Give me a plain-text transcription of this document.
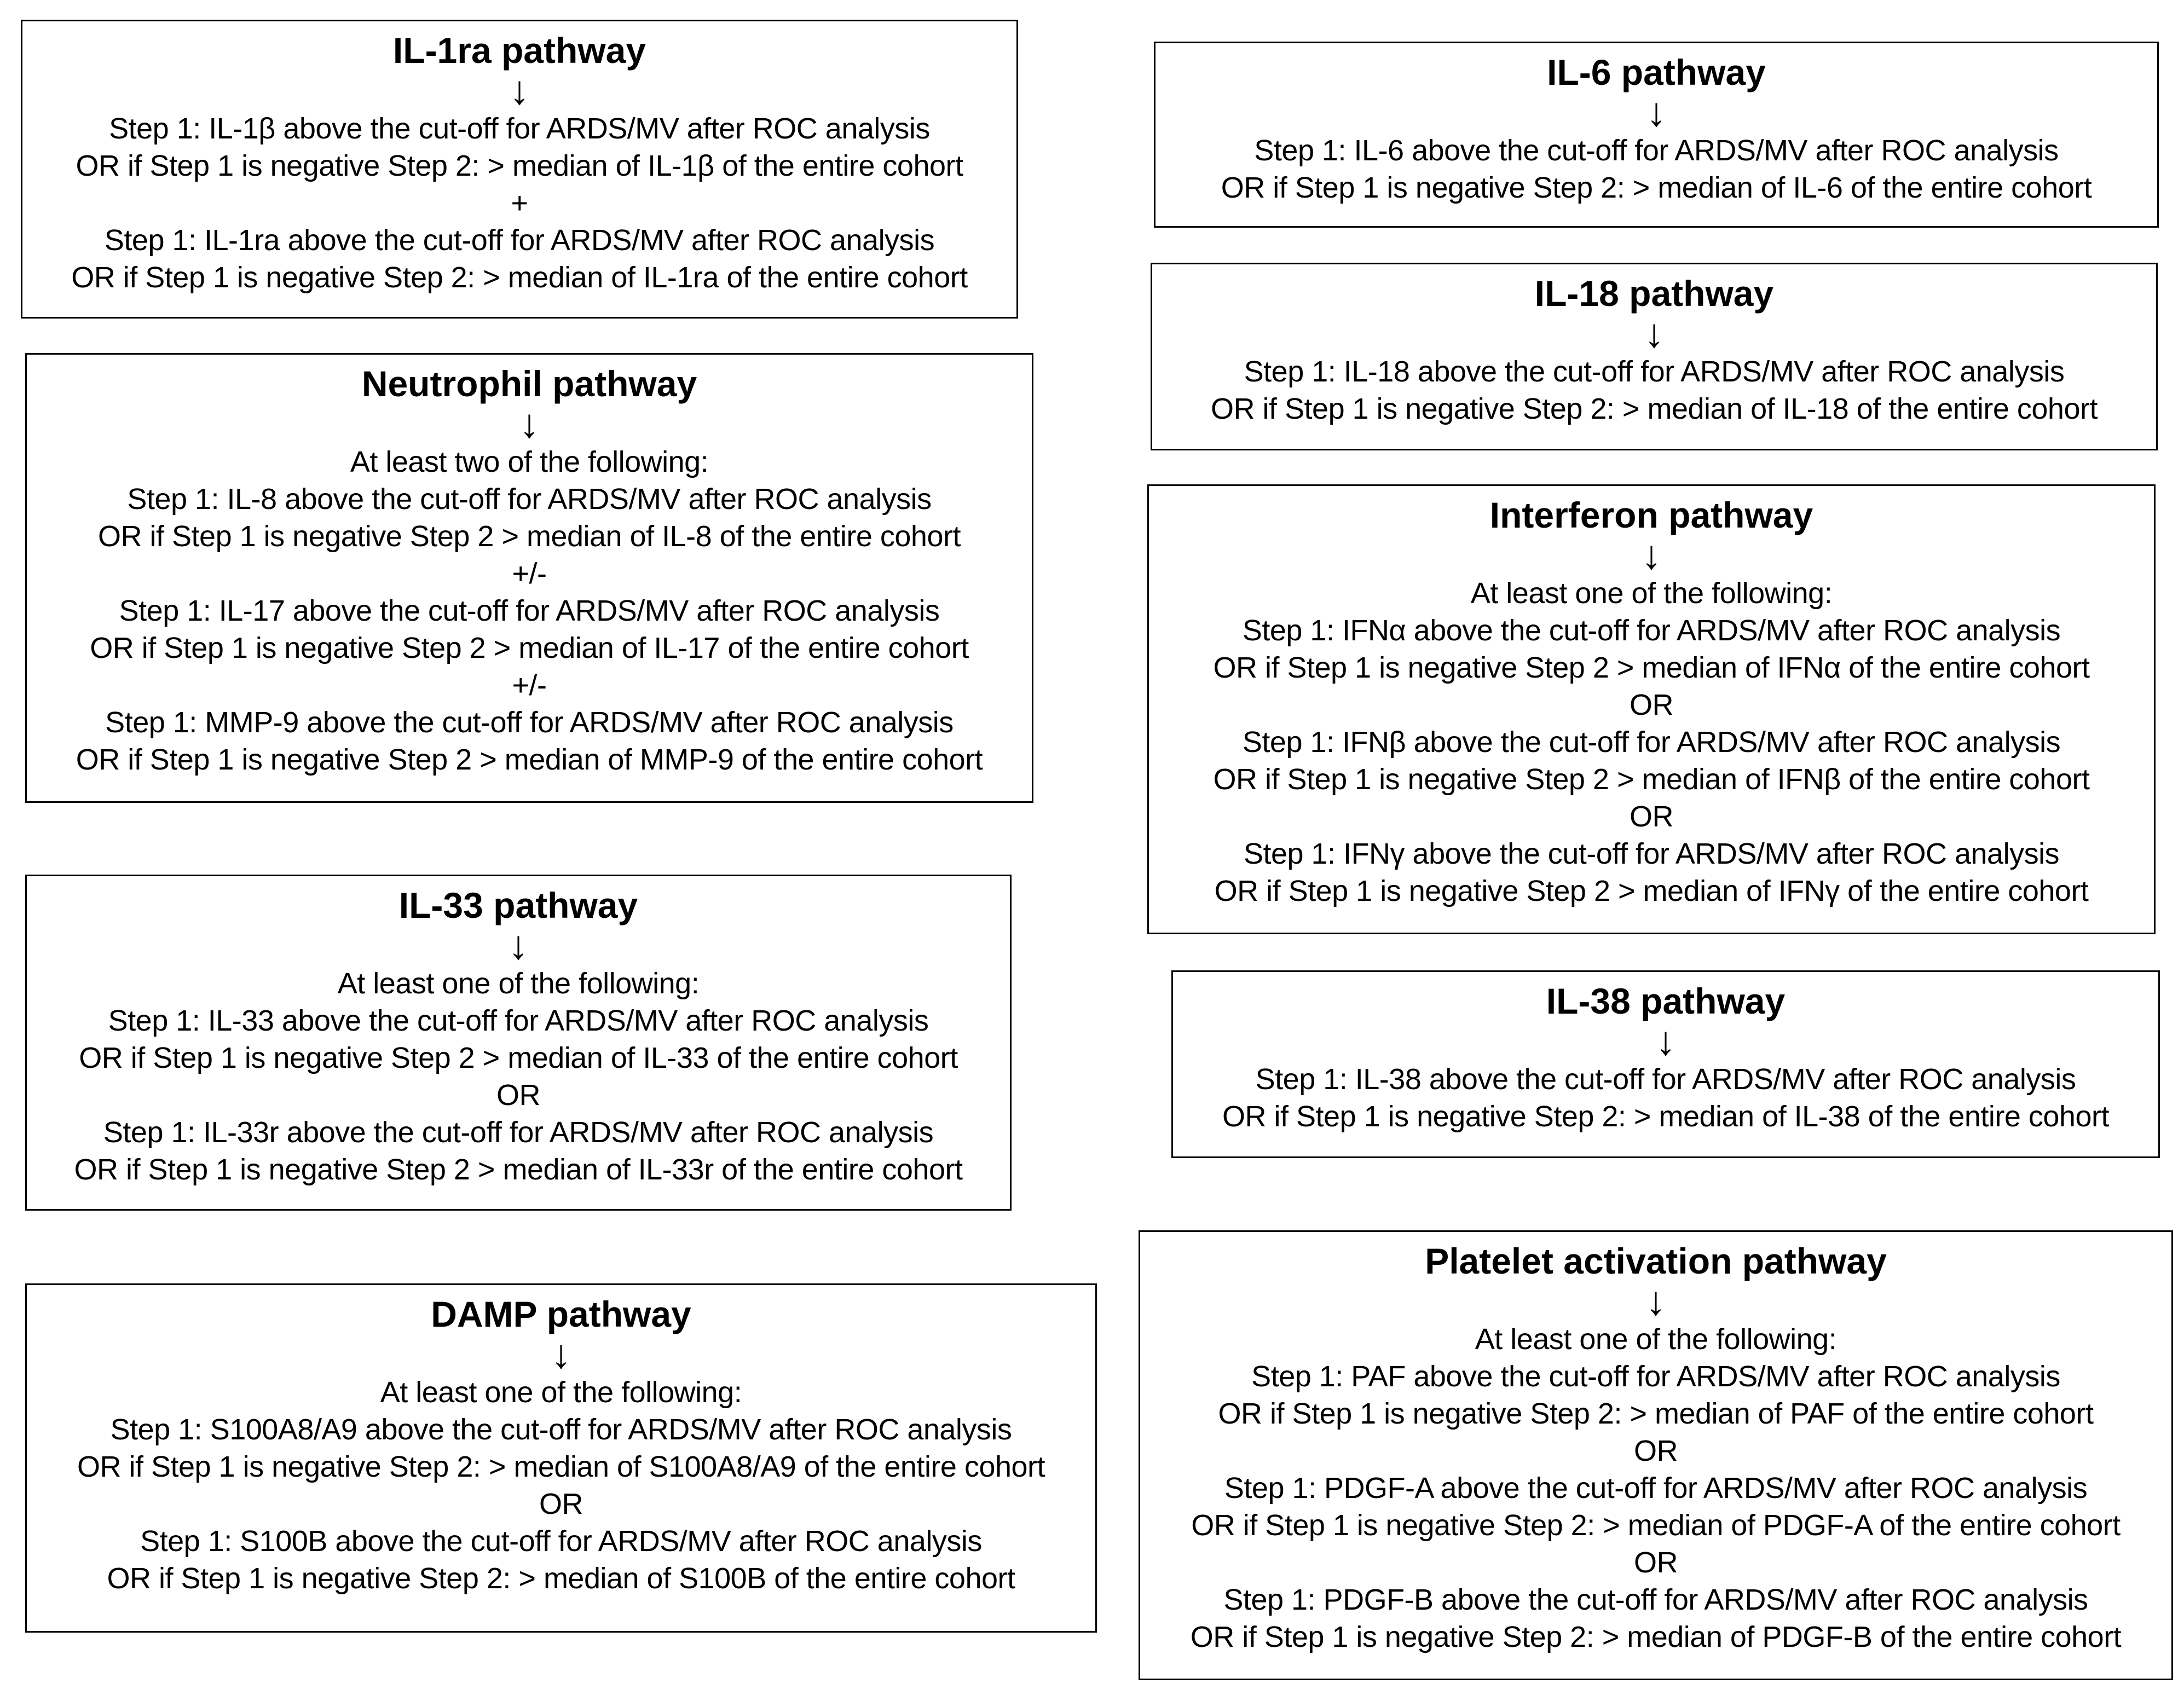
IL-1ra pathway
↓
Step 1: IL-1β above the cut-off for ARDS/MV after ROC analysis
OR if Step 1 is negative Step 2: > median of IL-1β of the entire cohort
+
Step 1: IL-1ra above the cut-off for ARDS/MV after ROC analysis
OR if Step 1 is negative Step 2: > median of IL-1ra of the entire cohort
Neutrophil pathway
↓
At least two of the following:
Step 1: IL-8 above the cut-off for ARDS/MV after ROC analysis
OR if Step 1 is negative Step 2 > median of IL-8 of the entire cohort
+/-
Step 1: IL-17 above the cut-off for ARDS/MV after ROC analysis
OR if Step 1 is negative Step 2 > median of IL-17 of the entire cohort
+/-
Step 1: MMP-9 above the cut-off for ARDS/MV after ROC analysis
OR if Step 1 is negative Step 2 > median of MMP-9 of the entire cohort
IL-33 pathway
↓
At least one of the following:
Step 1: IL-33 above the cut-off for ARDS/MV after ROC analysis
OR if Step 1 is negative Step 2 > median of IL-33 of the entire cohort
OR
Step 1: IL-33r above the cut-off for ARDS/MV after ROC analysis
OR if Step 1 is negative Step 2 > median of IL-33r of the entire cohort
DAMP pathway
↓
At least one of the following:
Step 1: S100A8/A9 above the cut-off for ARDS/MV after ROC analysis
OR if Step 1 is negative Step 2: > median of S100A8/A9 of the entire cohort
OR
Step 1: S100B above the cut-off for ARDS/MV after ROC analysis
OR if Step 1 is negative Step 2: > median of S100B of the entire cohort
IL-6 pathway
↓
Step 1: IL-6 above the cut-off for ARDS/MV after ROC analysis
OR if Step 1 is negative Step 2: > median of IL-6 of the entire cohort
IL-18 pathway
↓
Step 1: IL-18 above the cut-off for ARDS/MV after ROC analysis
OR if Step 1 is negative Step 2: > median of IL-18 of the entire cohort
Interferon pathway
↓
At least one of the following:
Step 1: IFNα above the cut-off for ARDS/MV after ROC analysis
OR if Step 1 is negative Step 2 > median of IFNα of the entire cohort
OR
Step 1: IFNβ above the cut-off for ARDS/MV after ROC analysis
OR if Step 1 is negative Step 2 > median of IFNβ of the entire cohort
OR
Step 1: IFNγ above the cut-off for ARDS/MV after ROC analysis
OR if Step 1 is negative Step 2 > median of IFNγ of the entire cohort
IL-38 pathway
↓
Step 1: IL-38 above the cut-off for ARDS/MV after ROC analysis
OR if Step 1 is negative Step 2: > median of IL-38 of the entire cohort
Platelet activation pathway
↓
At least one of the following:
Step 1: PAF above the cut-off for ARDS/MV after ROC analysis
OR if Step 1 is negative Step 2: > median of PAF of the entire cohort
OR
Step 1: PDGF-A above the cut-off for ARDS/MV after ROC analysis
OR if Step 1 is negative Step 2: > median of PDGF-A of the entire cohort
OR
Step 1: PDGF-B above the cut-off for ARDS/MV after ROC analysis
OR if Step 1 is negative Step 2: > median of PDGF-B of the entire cohort
